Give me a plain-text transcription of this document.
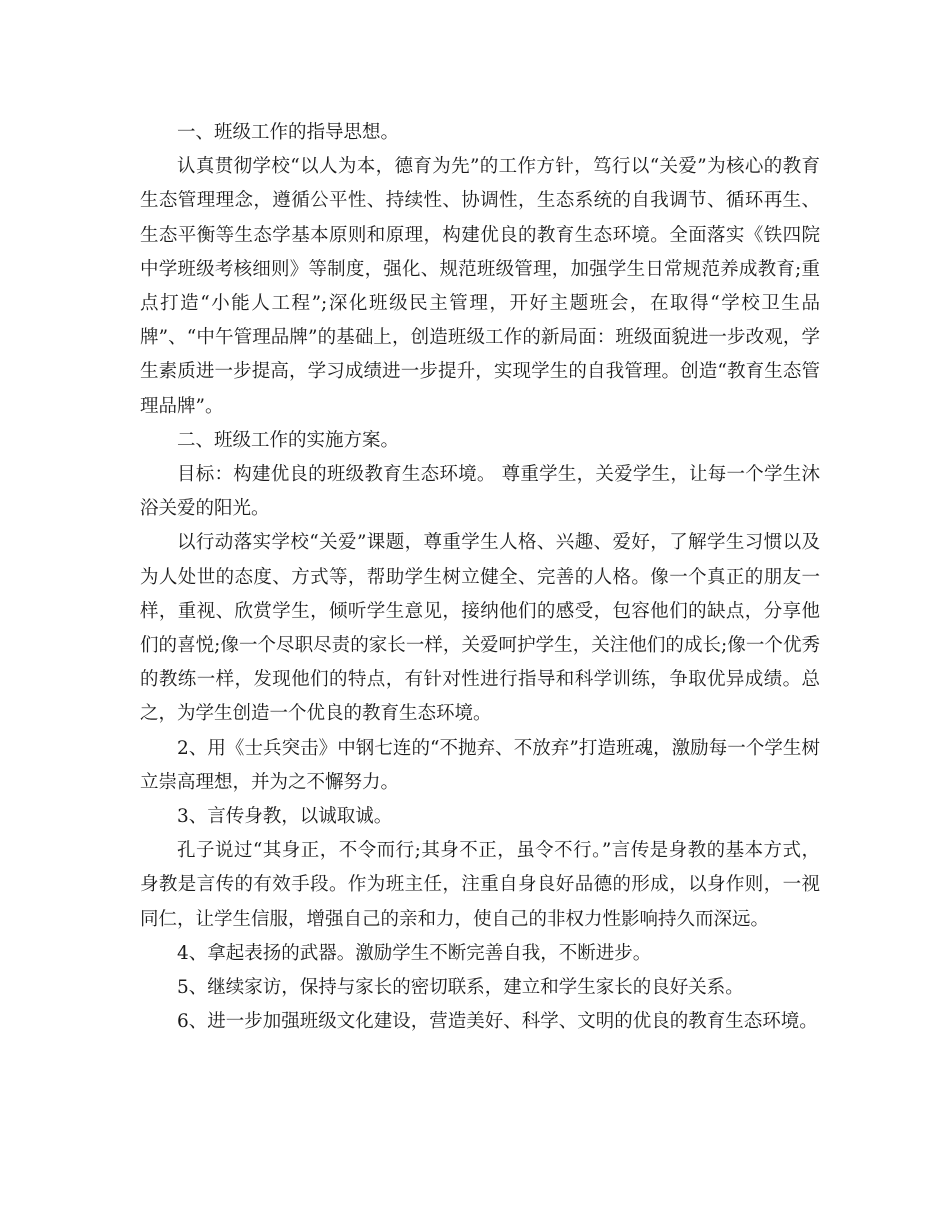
一、班级工作的指导思想。

认真贯彻学校“以人为本，德育为先”的工作方针，笃行以“关爱”为核心的教育生态管理理念，遵循公平性、持续性、协调性，生态系统的自我调节、循环再生、生态平衡等生态学基本原则和原理，构建优良的教育生态环境。全面落实《铁四院中学班级考核细则》等制度，强化、规范班级管理，加强学生日常规范养成教育;重点打造“小能人工程”;深化班级民主管理，开好主题班会，在取得“学校卫生品牌”、“中午管理品牌”的基础上，创造班级工作的新局面：班级面貌进一步改观，学生素质进一步提高，学习成绩进一步提升，实现学生的自我管理。创造“教育生态管理品牌”。

二、班级工作的实施方案。

目标：构建优良的班级教育生态环境。 尊重学生，关爱学生，让每一个学生沐浴关爱的阳光。

以行动落实学校“关爱”课题，尊重学生人格、兴趣、爱好，了解学生习惯以及为人处世的态度、方式等，帮助学生树立健全、完善的人格。像一个真正的朋友一样，重视、欣赏学生，倾听学生意见，接纳他们的感受，包容他们的缺点，分享他们的喜悦;像一个尽职尽责的家长一样，关爱呵护学生，关注他们的成长;像一个优秀的教练一样，发现他们的特点，有针对性进行指导和科学训练，争取优异成绩。总之，为学生创造一个优良的教育生态环境。

2、用《士兵突击》中钢七连的“不抛弃、不放弃”打造班魂，激励每一个学生树立崇高理想，并为之不懈努力。

3、言传身教，以诚取诚。

孔子说过“其身正，不令而行;其身不正，虽令不行。”言传是身教的基本方式，身教是言传的有效手段。作为班主任，注重自身良好品德的形成，以身作则，一视同仁，让学生信服，增强自己的亲和力，使自己的非权力性影响持久而深远。

4、拿起表扬的武器。激励学生不断完善自我，不断进步。

5、继续家访，保持与家长的密切联系，建立和学生家长的良好关系。

6、进一步加强班级文化建设，营造美好、科学、文明的优良的教育生态环境。
